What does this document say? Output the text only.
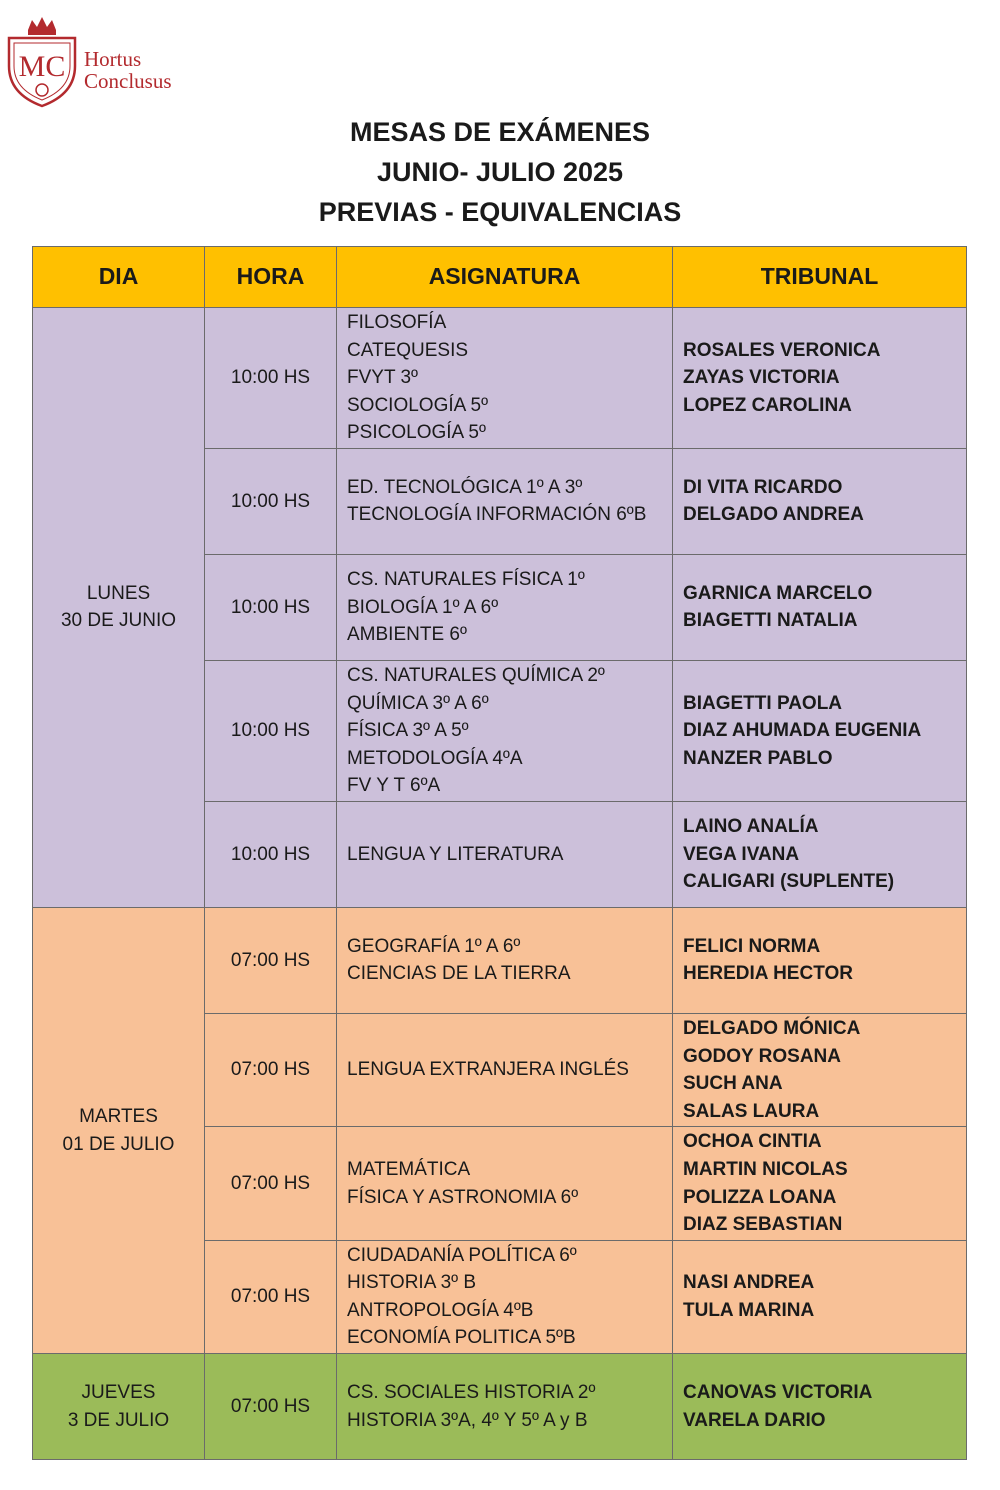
MC Hortus
Conclusus
MESAS DE EXÁMENES
JUNIO- JULIO 2025
PREVIAS - EQUIVALENCIAS
DIA	HORA	ASIGNATURA	TRIBUNAL

LUNES
30 DE JUNIO	10:00 HS	FILOSOFÍA
CATEQUESIS
FVYT 3º
SOCIOLOGÍA 5º
PSICOLOGÍA 5º	ROSALES VERONICA
ZAYAS VICTORIA
LOPEZ CAROLINA

	10:00 HS	ED. TECNOLÓGICA 1º A 3º
TECNOLOGÍA INFORMACIÓN 6ºB	DI VITA RICARDO
DELGADO ANDREA

	10:00 HS	CS. NATURALES FÍSICA 1º
BIOLOGÍA 1º A 6º
AMBIENTE 6º	GARNICA MARCELO
BIAGETTI NATALIA

	10:00 HS	CS. NATURALES QUÍMICA 2º
QUÍMICA 3º A 6º
FÍSICA 3º A 5º
METODOLOGÍA 4ºA
FV Y T 6ºA	BIAGETTI PAOLA
DIAZ AHUMADA EUGENIA
NANZER PABLO

	10:00 HS	LENGUA Y LITERATURA	LAINO ANALÍA
VEGA IVANA
CALIGARI (SUPLENTE)

MARTES
01 DE JULIO	07:00 HS	GEOGRAFÍA 1º A 6º
CIENCIAS DE LA TIERRA	FELICI NORMA
HEREDIA HECTOR

	07:00 HS	LENGUA EXTRANJERA INGLÉS	DELGADO MÓNICA
GODOY ROSANA
SUCH ANA
SALAS LAURA

	07:00 HS	MATEMÁTICA
FÍSICA Y ASTRONOMIA 6º	OCHOA CINTIA
MARTIN NICOLAS
POLIZZA LOANA
DIAZ SEBASTIAN

	07:00 HS	CIUDADANÍA POLÍTICA 6º
HISTORIA 3º B
ANTROPOLOGÍA 4ºB
ECONOMÍA POLITICA 5ºB	NASI ANDREA
TULA MARINA

JUEVES
3 DE JULIO	07:00 HS	CS. SOCIALES HISTORIA 2º
HISTORIA 3ºA, 4º Y 5º A y B	CANOVAS VICTORIA
VARELA DARIO
